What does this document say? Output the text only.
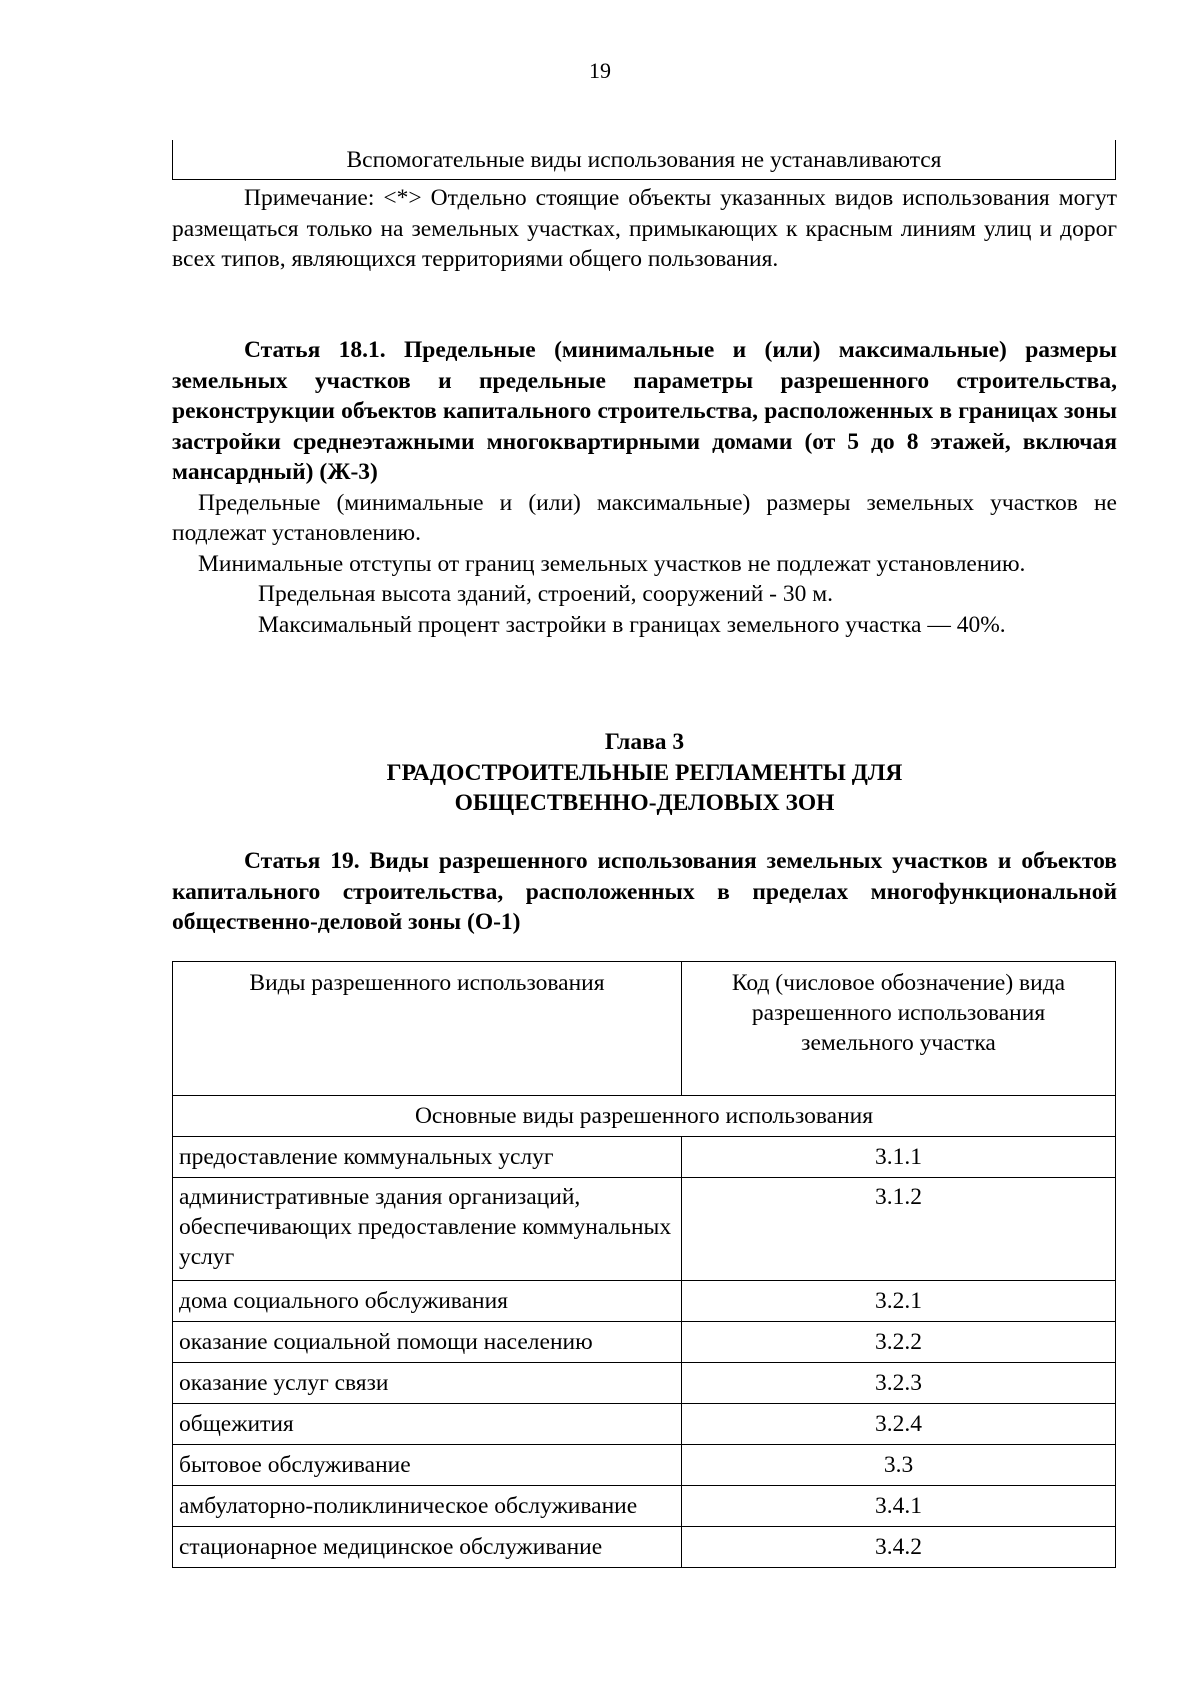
19
Вспомогательные виды использования не устанавливаются

Примечание: <*> Отдельно стоящие объекты указанных видов использования могут размещаться только на земельных участках, примыкающих к красным линиям улиц и дорог всех типов, являющихся территориями общего пользования.

Статья 18.1. Предельные (минимальные и (или) максимальные) размеры земельных участков и предельные параметры разрешенного строительства, реконструкции объектов капитального строительства, расположенных в границах зоны застройки среднеэтажными многоквартирными домами (от 5 до 8 этажей, включая мансардный) (Ж-3)

Предельные (минимальные и (или) максимальные) размеры земельных участков не подлежат установлению.

Минимальные отступы от границ земельных участков не подлежат установлению.

Предельная высота зданий, строений, сооружений - 30 м.

Максимальный процент застройки в границах земельного участка — 40%.

Глава 3

ГРАДОСТРОИТЕЛЬНЫЕ РЕГЛАМЕНТЫ ДЛЯ

ОБЩЕСТВЕННО-ДЕЛОВЫХ ЗОН

Статья 19. Виды разрешенного использования земельных участков и объектов капитального строительства, расположенных в пределах многофункциональной общественно-деловой зоны (О-1)

Виды разрешенного использования	Код (числовое обозначение) вида разрешенного использования земельного участка
Основные виды разрешенного использования	
предоставление коммунальных услуг	3.1.1
административные здания организаций, обеспечивающих предоставление коммунальных услуг	3.1.2
дома социального обслуживания	3.2.1
оказание социальной помощи населению	3.2.2
оказание услуг связи	3.2.3
общежития	3.2.4
бытовое обслуживание	3.3
амбулаторно-поликлиническое обслуживание	3.4.1
стационарное медицинское обслуживание	3.4.2
